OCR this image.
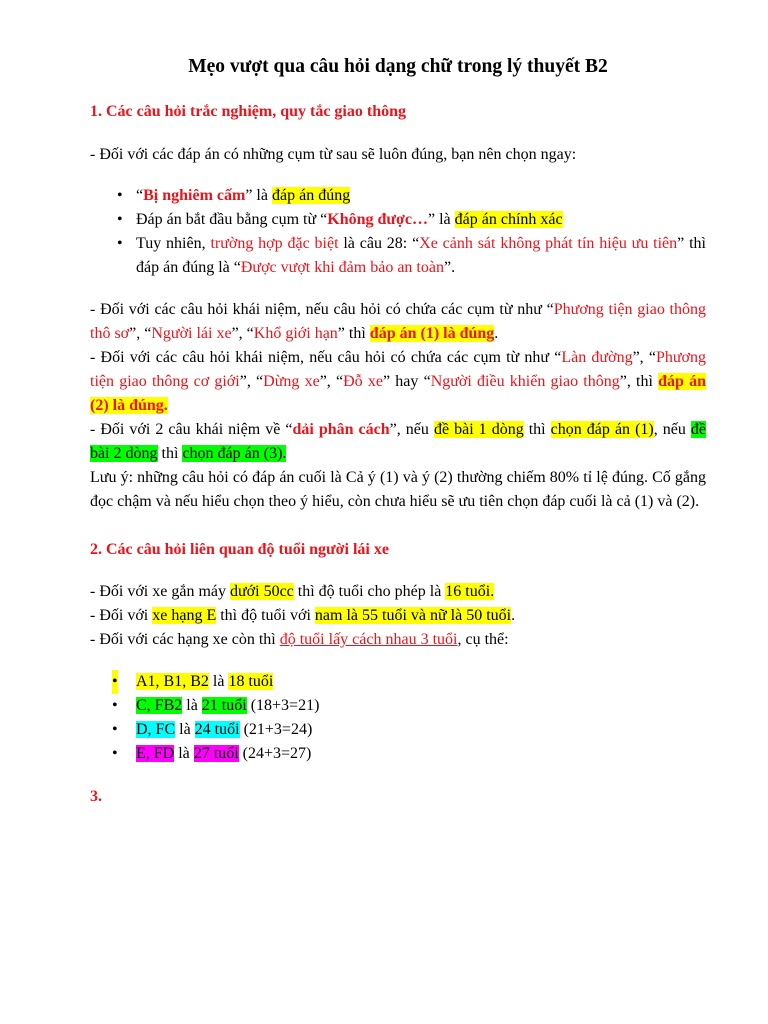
Mẹo vượt qua câu hỏi dạng chữ trong lý thuyết B2
1. Các câu hỏi trắc nghiệm, quy tắc giao thông
- Đối với các đáp án có những cụm từ sau sẽ luôn đúng, bạn nên chọn ngay:
• “Bị nghiêm cấm” là đáp án đúng
• Đáp án bắt đầu bằng cụm từ “Không được…” là đáp án chính xác
• Tuy nhiên, trường hợp đặc biệt là câu 28: “Xe cảnh sát không phát tín hiệu ưu tiên” thì đáp án đúng là “Được vượt khi đảm bảo an toàn”.
- Đối với các câu hỏi khái niệm, nếu câu hỏi có chứa các cụm từ như “Phương tiện giao thông thô sơ”, “Người lái xe”, “Khổ giới hạn” thì đáp án (1) là đúng.
- Đối với các câu hỏi khái niệm, nếu câu hỏi có chứa các cụm từ như “Làn đường”, “Phương tiện giao thông cơ giới”, “Dừng xe”, “Đỗ xe” hay “Người điều khiển giao thông”, thì đáp án (2) là đúng.
- Đối với 2 câu khái niệm về “dải phân cách”, nếu đề bài 1 dòng thì chọn đáp án (1), nếu đề bài 2 dòng thì chọn đáp án (3).
Lưu ý: những câu hỏi có đáp án cuối là Cả ý (1) và ý (2) thường chiếm 80% tỉ lệ đúng. Cố gắng đọc chậm và nếu hiểu chọn theo ý hiểu, còn chưa hiểu sẽ ưu tiên chọn đáp cuối là cả (1) và (2).
2. Các câu hỏi liên quan độ tuổi người lái xe
- Đối với xe gắn máy dưới 50cc thì độ tuổi cho phép là 16 tuổi.
- Đối với xe hạng E thì độ tuổi với nam là 55 tuổi và nữ là 50 tuổi.
- Đối với các hạng xe còn thì độ tuổi lấy cách nhau 3 tuổi, cụ thể:
• A1, B1, B2 là 18 tuổi
• C, FB2 là 21 tuổi (18+3=21)
• D, FC là 24 tuổi (21+3=24)
• E, FD là 27 tuổi (24+3=27)
3.
